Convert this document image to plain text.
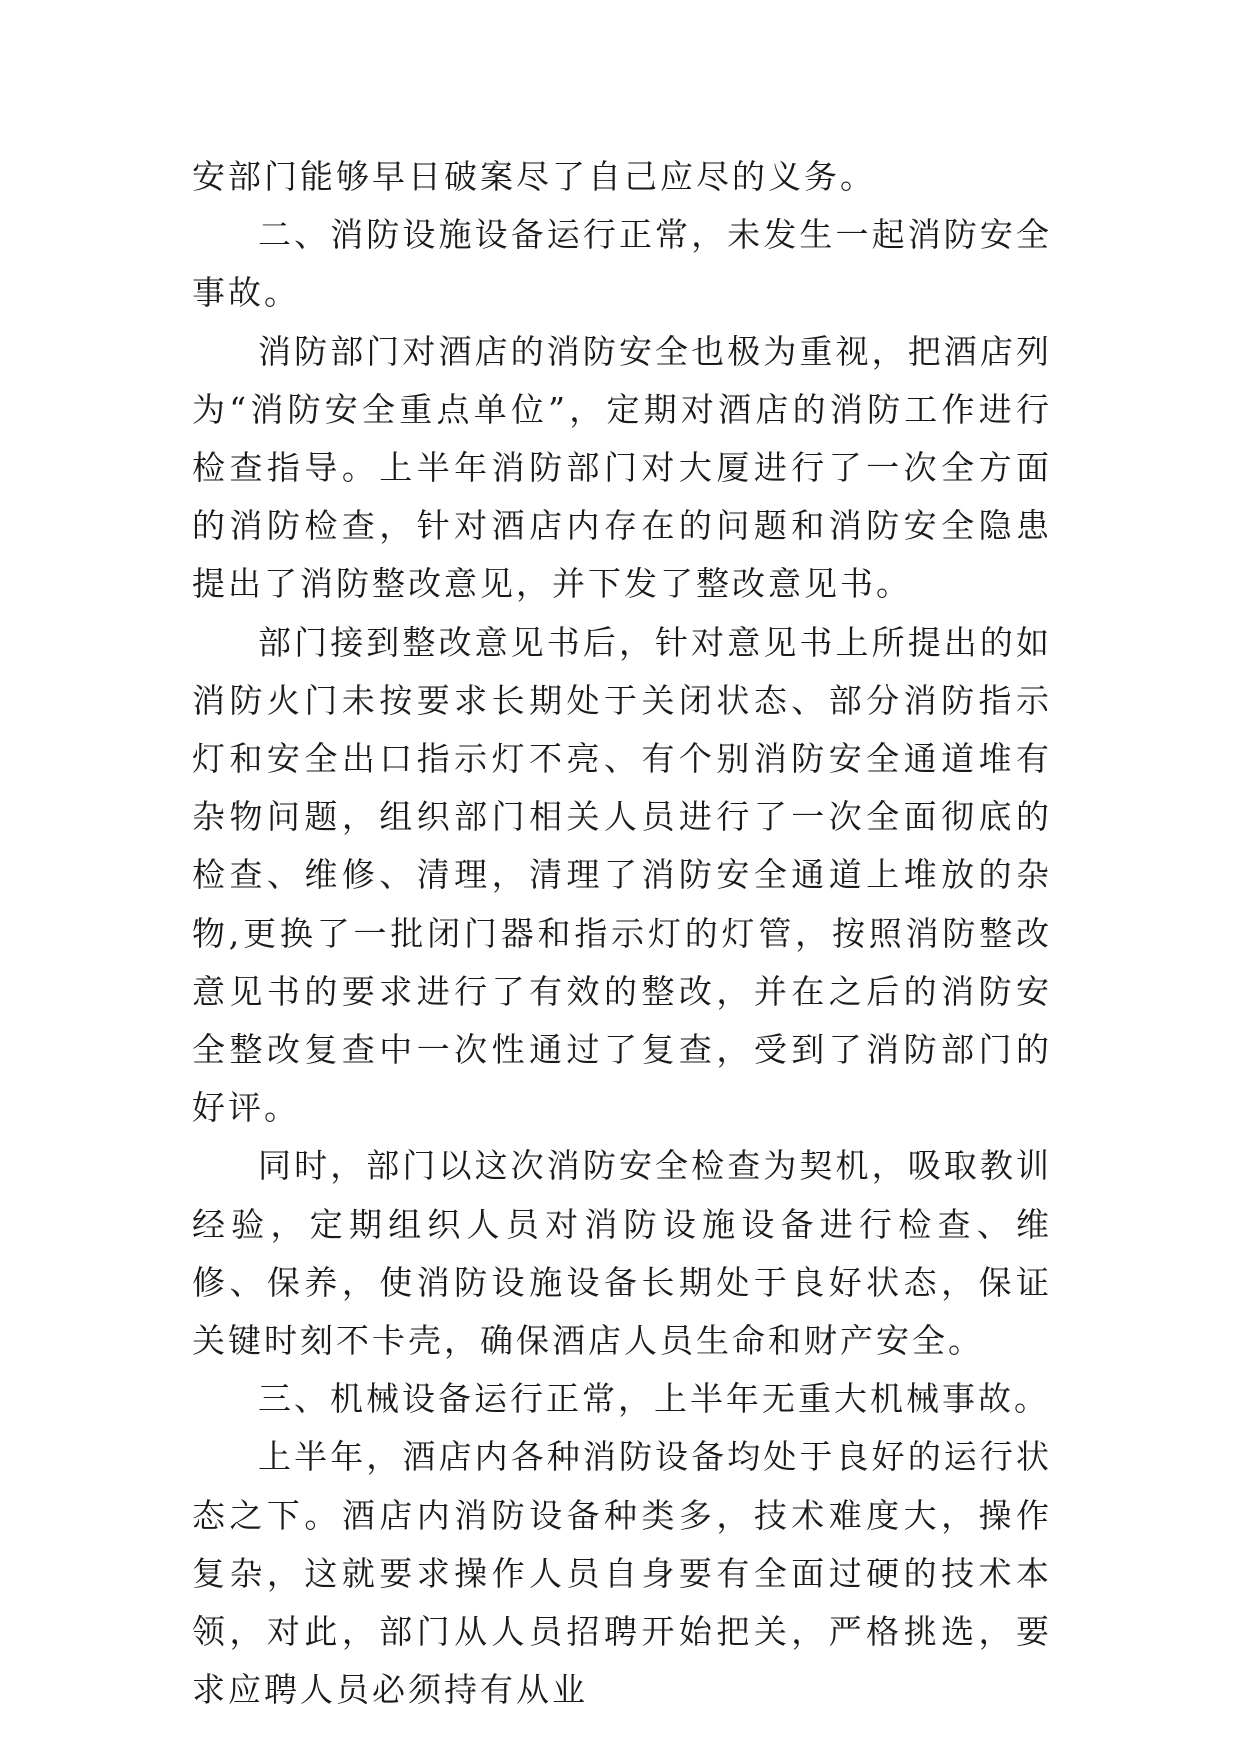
安部门能够早日破案尽了自己应尽的义务。

二、消防设施设备运行正常，未发生一起消防安全事故。

消防部门对酒店的消防安全也极为重视，把酒店列为“消防安全重点单位”，定期对酒店的消防工作进行检查指导。上半年消防部门对大厦进行了一次全方面的消防检查，针对酒店内存在的问题和消防安全隐患提出了消防整改意见，并下发了整改意见书。

部门接到整改意见书后，针对意见书上所提出的如消防火门未按要求长期处于关闭状态、部分消防指示灯和安全出口指示灯不亮、有个别消防安全通道堆有杂物问题，组织部门相关人员进行了一次全面彻底的检查、维修、清理，清理了消防安全通道上堆放的杂物,更换了一批闭门器和指示灯的灯管，按照消防整改意见书的要求进行了有效的整改，并在之后的消防安全整改复查中一次性通过了复查，受到了消防部门的好评。

同时，部门以这次消防安全检查为契机，吸取教训经验，定期组织人员对消防设施设备进行检查、维修、保养，使消防设施设备长期处于良好状态，保证关键时刻不卡壳，确保酒店人员生命和财产安全。

三、机械设备运行正常，上半年无重大机械事故。

上半年，酒店内各种消防设备均处于良好的运行状态之下。酒店内消防设备种类多，技术难度大，操作复杂，这就要求操作人员自身要有全面过硬的技术本领，对此，部门从人员招聘开始把关，严格挑选，要求应聘人员必须持有从业
